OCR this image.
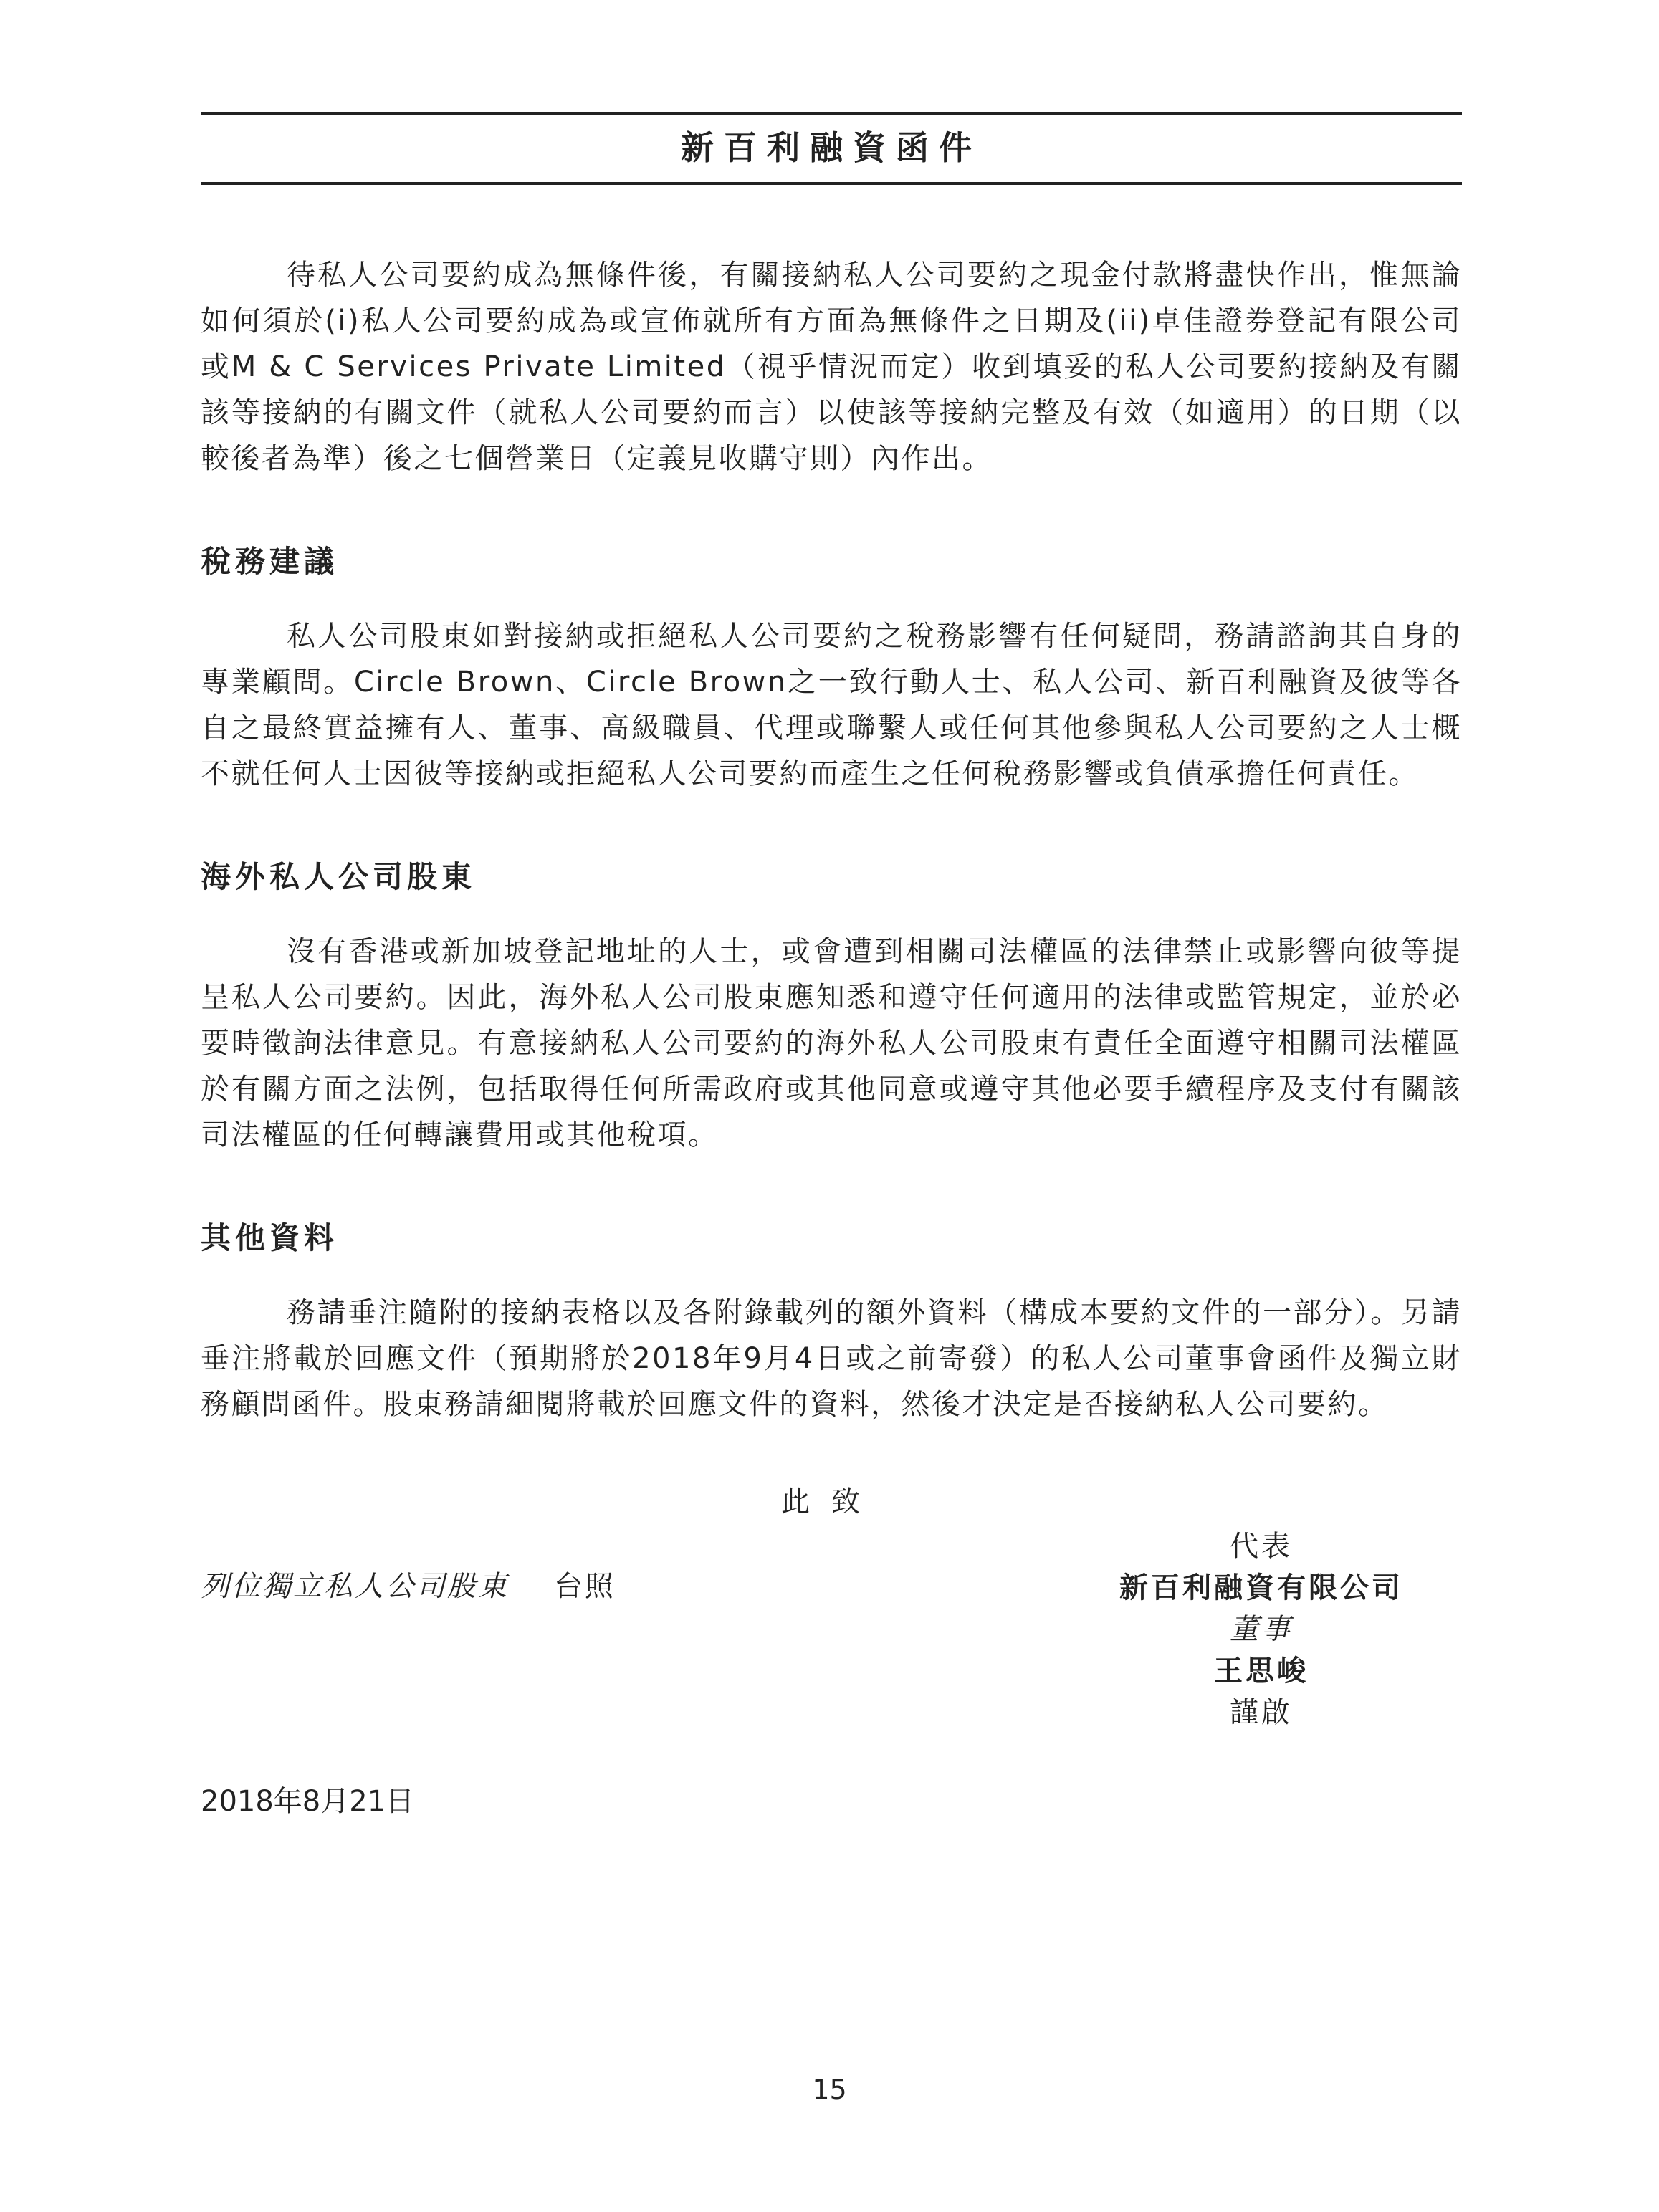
新百利融資函件

待私人公司要約成為無條件後，有關接納私人公司要約之現金付款將盡快作出，惟無論如何須於(i)私人公司要約成為或宣佈就所有方面為無條件之日期及(ii)卓佳證券登記有限公司或M & C Services Private Limited（視乎情況而定）收到填妥的私人公司要約接納及有關該等接納的有關文件（就私人公司要約而言）以使該等接納完整及有效（如適用）的日期（以較後者為準）後之七個營業日（定義見收購守則）內作出。

稅務建議

私人公司股東如對接納或拒絕私人公司要約之稅務影響有任何疑問，務請諮詢其自身的專業顧問。Circle Brown、Circle Brown之一致行動人士、私人公司、新百利融資及彼等各自之最終實益擁有人、董事、高級職員、代理或聯繫人或任何其他參與私人公司要約之人士概不就任何人士因彼等接納或拒絕私人公司要約而產生之任何稅務影響或負債承擔任何責任。

海外私人公司股東

沒有香港或新加坡登記地址的人士，或會遭到相關司法權區的法律禁止或影響向彼等提呈私人公司要約。因此，海外私人公司股東應知悉和遵守任何適用的法律或監管規定，並於必要時徵詢法律意見。有意接納私人公司要約的海外私人公司股東有責任全面遵守相關司法權區於有關方面之法例，包括取得任何所需政府或其他同意或遵守其他必要手續程序及支付有關該司法權區的任何轉讓費用或其他稅項。

其他資料

務請垂注隨附的接納表格以及各附錄載列的額外資料（構成本要約文件的一部分）。另請垂注將載於回應文件（預期將於2018年9月4日或之前寄發）的私人公司董事會函件及獨立財務顧問函件。股東務請細閱將載於回應文件的資料，然後才決定是否接納私人公司要約。

此致

列位獨立私人公司股東 台照

代表
新百利融資有限公司
董事
王思峻
謹啟
2018年8月21日
15
